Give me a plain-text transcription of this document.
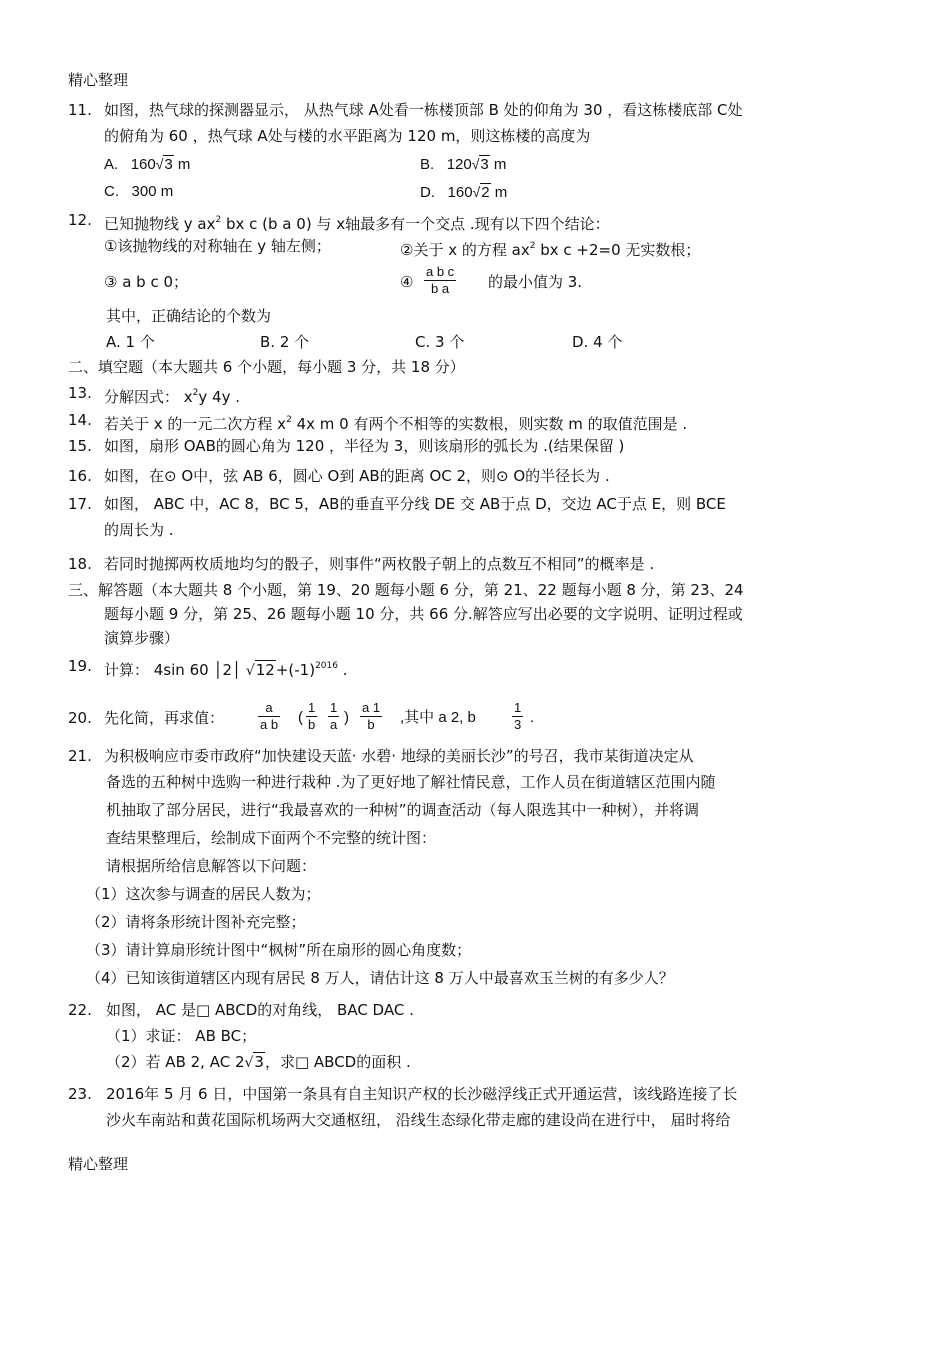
精心整理
11. 如图，热气球的探测器显示， 从热气球 A处看一栋楼顶部 B 处的仰角为 30 ，看这栋楼底部 C处
的俯角为 60 ，热气球 A处与楼的水平距离为 120 m，则这栋楼的高度为
A. 160√3 m	B. 120√3 m
C. 300 m	D. 160√2 m
12. 已知抛物线 y $ax^2$ bx c (b a 0) 与 x轴最多有一个交点 .现有以下四个结论：
①该抛物线的对称轴在 y 轴左侧；	②关于 x 的方程 $ax^2$ bx c +2=0 无实数根；
③ a b c 0；	④ $\frac{\text{a b c}}{\text{b a}}$ 的最小值为 3.
其中，正确结论的个数为
A. 1 个	B. 2 个	C. 3 个	D. 4 个
二、填空题（本大题共 6 个小题，每小题 3 分，共 18 分）
13. 分解因式： $x^2y$ 4y .
14. 若关于 x 的一元二次方程 $x^2$ 4x m 0 有两个不相等的实数根，则实数 m 的取值范围是 .
15. 如图，扇形 OAB的圆心角为 120 ，半径为 3，则该扇形的弧长为 .(结果保留 )
16. 如图，在⊙ O中，弦 AB 6，圆心 O到 AB的距离 OC 2，则⊙ O的半径长为 .
17. 如图， ABC 中，AC 8，BC 5，AB的垂直平分线 DE 交 AB于点 D，交边 AC于点 E，则 BCE
的周长为 .
18. 若同时抛掷两枚质地均匀的骰子，则事件“两枚骰子朝上的点数互不相同”的概率是 .
三、解答题（本大题共 8 个小题，第 19、20 题每小题 6 分，第 21、22 题每小题 8 分，第 23、24
题每小题 9 分，第 25、26 题每小题 10 分，共 66 分.解答应写出必要的文字说明、证明过程或
演算步骤）
19. 计算： 4sin 60 │2│ $√12+(-1)^{2016}$ .
20. 先化简，再求值：	$\frac{a}{\text{a b}}$ ( $\frac{1}{b} \frac{1}{a}$ ) $\frac{a 1}{b}$ ,其中 a 2, b	$\frac{1}{3}$ .
21. 为积极响应市委市政府“加快建设天蓝· 水碧· 地绿的美丽长沙”的号召，我市某街道决定从
备选的五种树中选购一种进行栽种 .为了更好地了解社情民意，工作人员在街道辖区范围内随
机抽取了部分居民，进行“我最喜欢的一种树”的调查活动（每人限选其中一种树），并将调
查结果整理后，绘制成下面两个不完整的统计图：
请根据所给信息解答以下问题：
（1）这次参与调查的居民人数为；
（2）请将条形统计图补充完整；
（3）请计算扇形统计图中“枫树”所在扇形的圆心角度数；
（4）已知该街道辖区内现有居民 8 万人，请估计这 8 万人中最喜欢玉兰树的有多少人？
22. 如图， AC 是□ ABCD的对角线， BAC DAC .
（1）求证： AB BC；
（2）若 AB 2, AC 2√3，求□ ABCD的面积 .
23. 2016年 5 月 6 日，中国第一条具有自主知识产权的长沙磁浮线正式开通运营，该线路连接了长
沙火车南站和黄花国际机场两大交通枢纽， 沿线生态绿化带走廊的建设尚在进行中， 届时将给
精心整理
